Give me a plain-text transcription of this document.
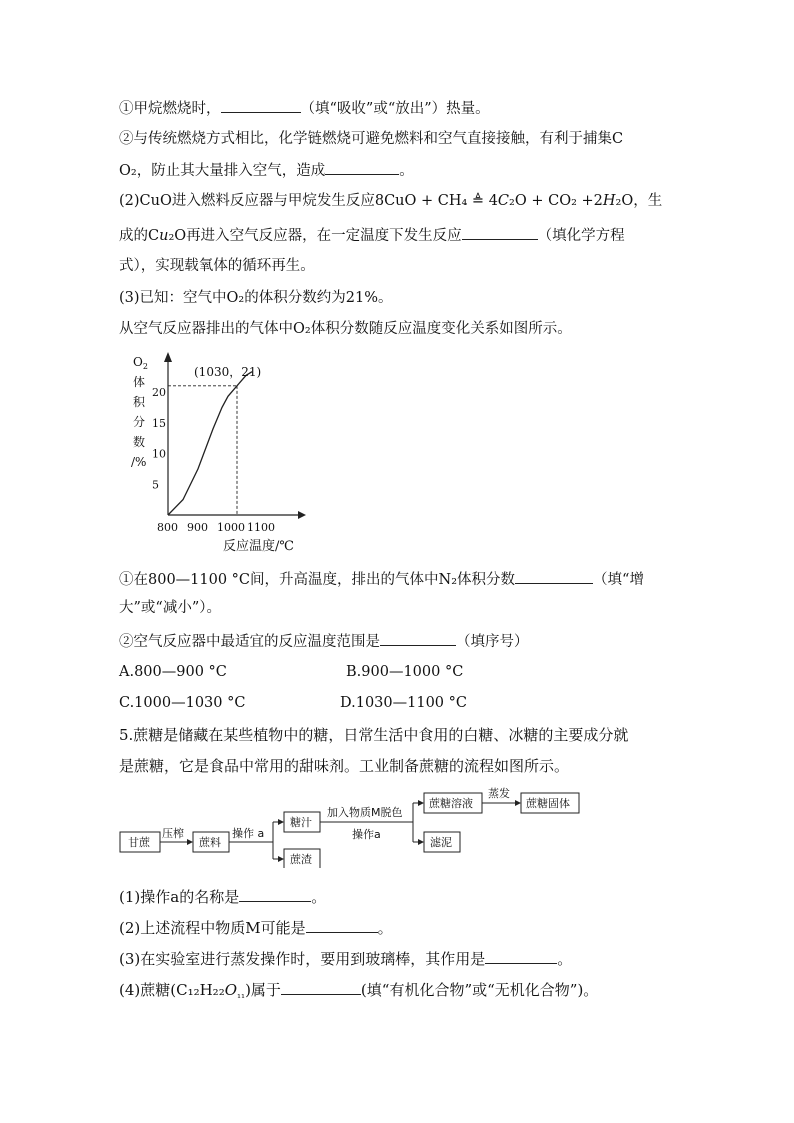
①甲烷燃烧时，	（填“吸收”或“放出”）热量。
②与传统燃烧方式相比，化学链燃烧可避免燃料和空气直接接触，有利于捕集C
O₂，防止其大量排入空气，造成	。
(2)CuO进入燃料反应器与甲烷发生反应8CuO + CH₄ ≜ 4C₂O + CO₂ +2H₂O，生
成的Cu₂O再进入空气反应器，在一定温度下发生反应	（填化学方程
式），实现载氧体的循环再生。
(3)已知：空气中O₂的体积分数约为21%。
从空气反应器排出的气体中O₂体积分数随反应温度变化关系如图所示。
$O_2$
体
积
分
数
/%
5
10
15
20
800 900 1000 1100
(1030，21)
反应温度/℃
①在800—1100 °C间，升高温度，排出的气体中N₂体积分数	（填“增
大”或“减小”）。
②空气反应器中最适宜的反应温度范围是	（填序号）
A.800—900 °C	B.900—1000 °C
C.1000—1030 °C	D.1030—1100 °C
5.蔗糖是储藏在某些植物中的糖，日常生活中食用的白糖、冰糖的主要成分就
是蔗糖，它是食品中常用的甜味剂。工业制备蔗糖的流程如图所示。
甘蔗
压榨
蔗料
操作 a
糖汁
蔗渣
加入物质M脱色
操作a
蔗糖溶液
滤泥
蒸发
蔗糖固体
(1)操作a的名称是	。
(2)上述流程中物质M可能是	。
(3)在实验室进行蒸发操作时，要用到玻璃棒，其作用是	。
(4)蔗糖$(C_{12}H_{22}O_{_{11}})$属于	(填“有机化合物”或“无机化合物”)。
